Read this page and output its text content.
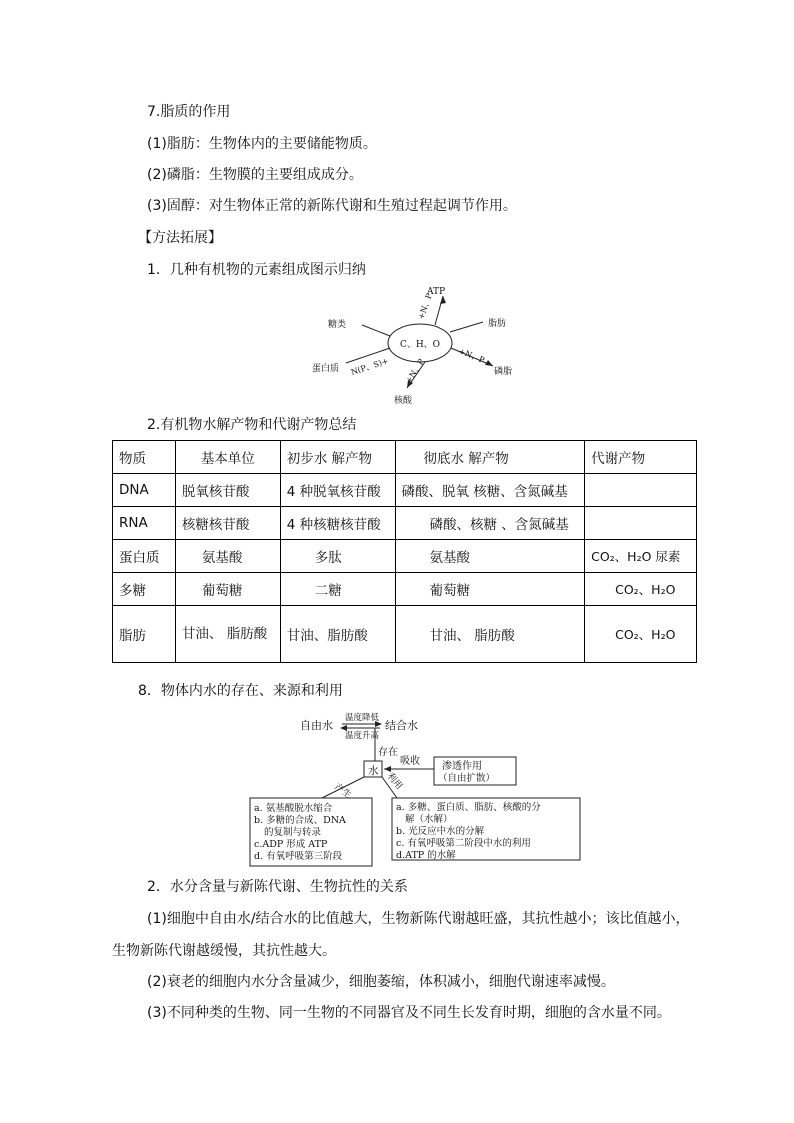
7.脂质的作用
(1)脂肪：生物体内的主要储能物质。
(2)磷脂：生物膜的主要组成成分。
(3)固醇：对生物体正常的新陈代谢和生殖过程起调节作用。
【方法拓展】
1．几种有机物的元素组成图示归纳
C、H、O
ATP
+N、P
脂肪
磷脂
+N、P
核酸
+N、P
糖类
蛋白质 N(P、S)+
2.有机物水解产物和代谢产物总结
物质	基本单位	初步水 解产物	彻底水 解产物	代谢产物
DNA	脱氧核苷酸	4 种脱氧核苷酸	磷酸、脱氧 核糖、含氮碱基	
RNA	核糖核苷酸	4 种核糖核苷酸	磷酸、核糖 、含氮碱基	
蛋白质	氨基酸	多肽	氨基酸	CO₂、H₂O 尿素
多糖	葡萄糖	二糖	葡萄糖	CO₂、H₂O
脂肪	甘油、 脂肪酸	甘油、脂肪酸	甘油、 脂肪酸	CO₂、H₂O
8．物体内水的存在、来源和利用
自由水	结合水
温度降低
温度升高
存在
水
吸收 渗透作用
（自由扩散）
产生	利用
a. 氨基酸脱水缩合
b. 多糖的合成、DNA
的复制与转录
c.ADP 形成 ATP
d. 有氧呼吸第三阶段
a. 多糖、蛋白质、脂肪、核酸的分
解（水解）
b. 光反应中水的分解
c. 有氧呼吸第二阶段中水的利用
d.ATP 的水解
2．水分含量与新陈代谢、生物抗性的关系
(1)细胞中自由水/结合水的比值越大，生物新陈代谢越旺盛，其抗性越小；该比值越小，
生物新陈代谢越缓慢，其抗性越大。
(2)衰老的细胞内水分含量减少，细胞萎缩，体积减小，细胞代谢速率减慢。
(3)不同种类的生物、同一生物的不同器官及不同生长发育时期，细胞的含水量不同。
